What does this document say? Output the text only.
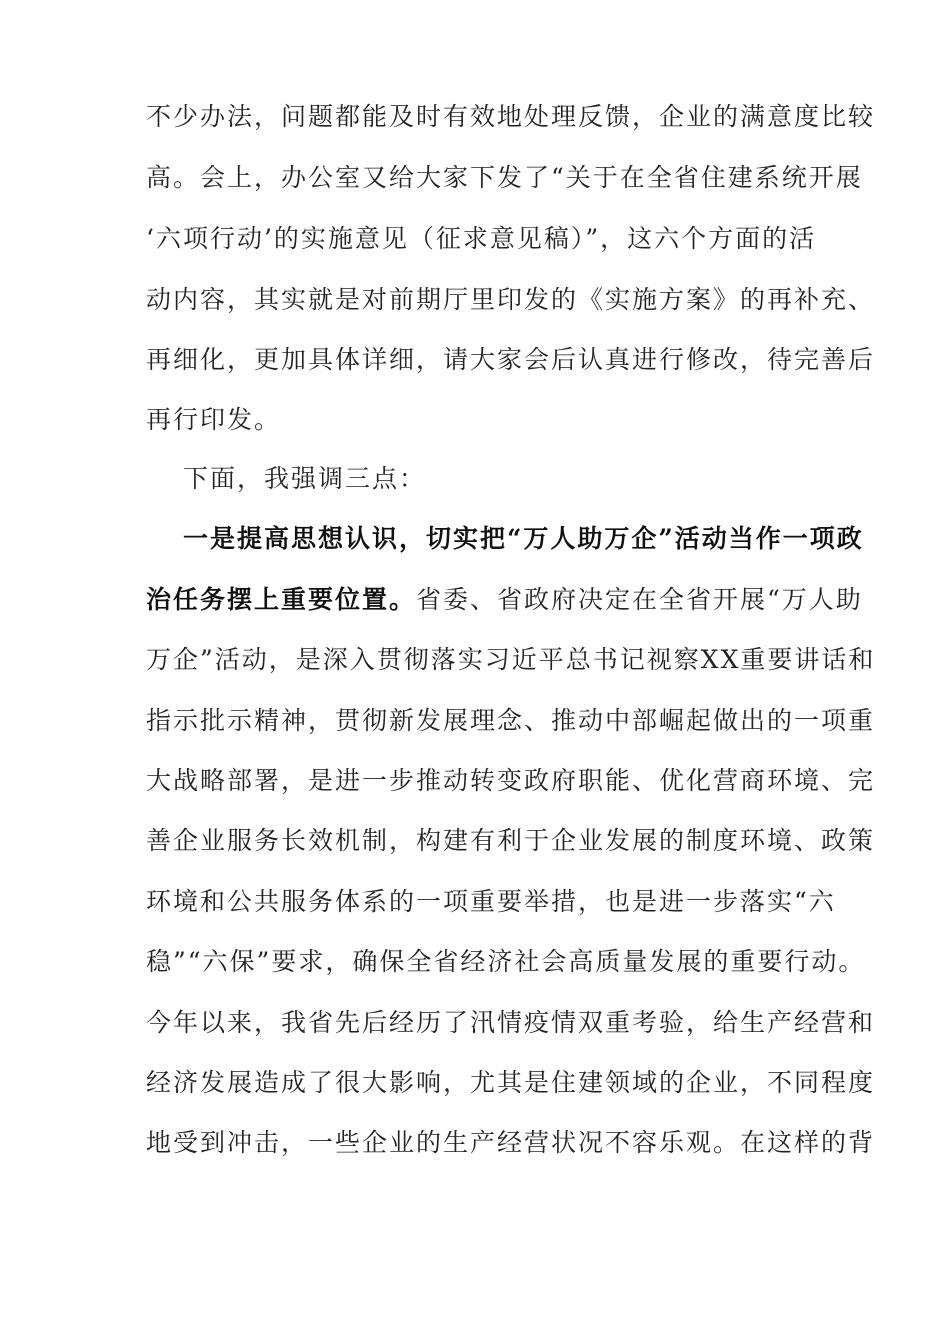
不少办法，问题都能及时有效地处理反馈，企业的满意度比较
高。会上，办公室又给大家下发了“关于在全省住建系统开展
‘六项行动’的实施意见（征求意见稿）”，这六个方面的活
动内容，其实就是对前期厅里印发的《实施方案》的再补充、
再细化，更加具体详细，请大家会后认真进行修改，待完善后
再行印发。
下面，我强调三点：
一是提高思想认识，切实把“万人助万企”活动当作一项政
治任务摆上重要位置。省委、省政府决定在全省开展“万人助
万企”活动，是深入贯彻落实习近平总书记视察XX重要讲话和
指示批示精神，贯彻新发展理念、推动中部崛起做出的一项重
大战略部署，是进一步推动转变政府职能、优化营商环境、完
善企业服务长效机制，构建有利于企业发展的制度环境、政策
环境和公共服务体系的一项重要举措，也是进一步落实“六
稳”“六保”要求，确保全省经济社会高质量发展的重要行动。
今年以来，我省先后经历了汛情疫情双重考验，给生产经营和
经济发展造成了很大影响，尤其是住建领域的企业，不同程度
地受到冲击，一些企业的生产经营状况不容乐观。在这样的背
